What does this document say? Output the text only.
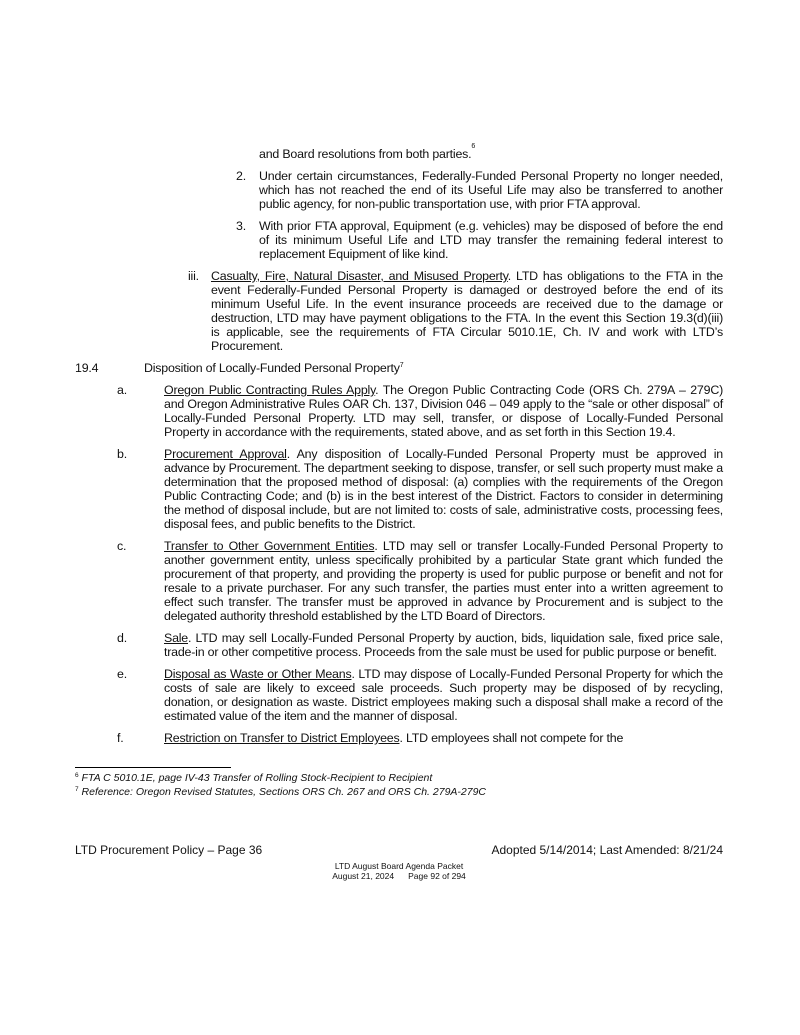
and Board resolutions from both parties.
6
2.	Under certain circumstances, Federally-Funded Personal Property no longer needed, which has not reached the end of its Useful Life may also be transferred to another public agency, for non-public transportation use, with prior FTA approval.

3.	With prior FTA approval, Equipment (e.g. vehicles) may be disposed of before the end of its minimum Useful Life and LTD may transfer the remaining federal interest to replacement Equipment of like kind.

iii. Casualty, Fire, Natural Disaster, and Misused Property. LTD has obligations to the FTA in the event Federally-Funded Personal Property is damaged or destroyed before the end of its minimum Useful Life. In the event insurance proceeds are received due to the damage or destruction, LTD may have payment obligations to the FTA. In the event this Section 19.3(d)(iii) is applicable, see the requirements of FTA Circular 5010.1E, Ch. IV and work with LTD’s Procurement.

19.4	Disposition of Locally-Funded Personal Property$^7$
a.	Oregon Public Contracting Rules Apply. The Oregon Public Contracting Code (ORS Ch. 279A – 279C) and Oregon Administrative Rules OAR Ch. 137, Division 046 – 049 apply to the “sale or other disposal” of Locally-Funded Personal Property. LTD may sell, transfer, or dispose of Locally-Funded Personal Property in accordance with the requirements, stated above, and as set forth in this Section 19.4.

b.	Procurement Approval. Any disposition of Locally-Funded Personal Property must be approved in advance by Procurement. The department seeking to dispose, transfer, or sell such property must make a determination that the proposed method of disposal: (a) complies with the requirements of the Oregon Public Contracting Code; and (b) is in the best interest of the District. Factors to consider in determining the method of disposal include, but are not limited to: costs of sale, administrative costs, processing fees, disposal fees, and public benefits to the District.

c.	Transfer to Other Government Entities. LTD may sell or transfer Locally-Funded Personal Property to another government entity, unless specifically prohibited by a particular State grant which funded the procurement of that property, and providing the property is used for public purpose or benefit and not for resale to a private purchaser. For any such transfer, the parties must enter into a written agreement to effect such transfer. The transfer must be approved in advance by Procurement and is subject to the delegated authority threshold established by the LTD Board of Directors.

d.	Sale. LTD may sell Locally-Funded Personal Property by auction, bids, liquidation sale, fixed price sale, trade-in or other competitive process. Proceeds from the sale must be used for public purpose or benefit.

e.	Disposal as Waste or Other Means. LTD may dispose of Locally-Funded Personal Property for which the costs of sale are likely to exceed sale proceeds. Such property may be disposed of by recycling, donation, or designation as waste. District employees making such a disposal shall make a record of the estimated value of the item and the manner of disposal.

f.	Restriction on Transfer to District Employees. LTD employees shall not compete for the

$^6$ FTA C 5010.1E, page IV-43 Transfer of Rolling Stock-Recipient to Recipient
$^7$ Reference: Oregon Revised Statutes, Sections ORS Ch. 267 and ORS Ch. 279A-279C
LTD Procurement Policy – Page 36	Adopted 5/14/2014; Last Amended: 8/21/24
LTD August Board Agenda Packet
August 21, 2024 Page 92 of 294
